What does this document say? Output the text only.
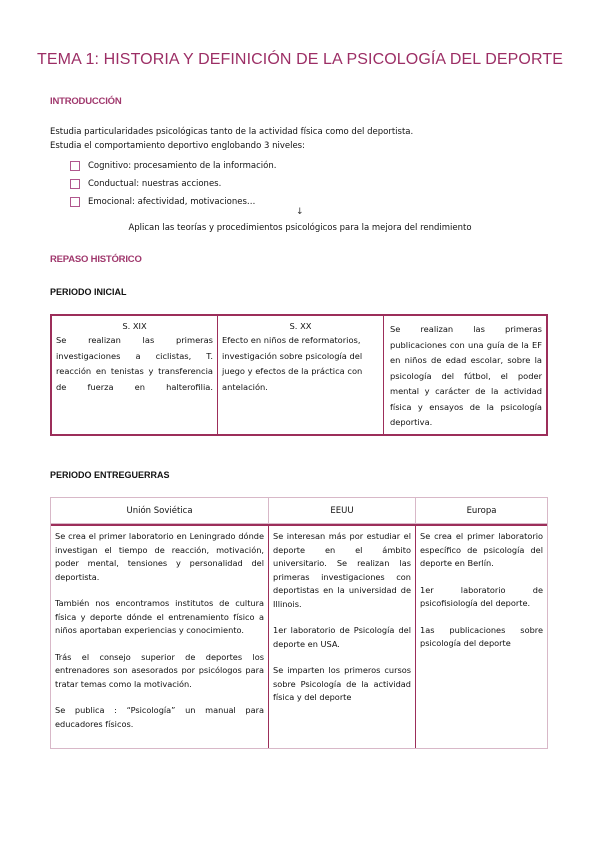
TEMA 1: HISTORIA Y DEFINICIÓN DE LA PSICOLOGÍA DEL DEPORTE
INTRODUCCIÓN
Estudia particularidades psicológicas tanto de la actividad física como del deportista.
Estudia el comportamiento deportivo englobando 3 niveles:
Cognitivo: procesamiento de la información.
Conductual: nuestras acciones.
Emocional: afectividad, motivaciones…
↓
Aplican las teorías y procedimientos psicológicos para la mejora del rendimiento
REPASO HISTÓRICO
PERIODO INICIAL
S. XIX
Se realizan las primeras investigaciones a ciclistas, T. reacción en tenistas y transferencia de fuerza en halterofilia.
S. XX
Efecto en niños de reformatorios, investigación sobre psicología del juego y efectos de la práctica con antelación.
Se realizan las primeras publicaciones con una guía de la EF en niños de edad escolar, sobre la psicología del fútbol, el poder mental y carácter de la actividad física y ensayos de la psicología deportiva.
PERIODO ENTREGUERRAS
Unión Soviética	EEUU	Europa

Se crea el primer laboratorio en Leningrado dónde investigan el tiempo de reacción, motivación, poder mental, tensiones y personalidad del deportista.

También nos encontramos institutos de cultura física y deporte dónde el entrenamiento físico a niños aportaban experiencias y conocimiento.

Trás el consejo superior de deportes los entrenadores son asesorados por psicólogos para tratar temas como la motivación.

Se publica : “Psicología” un manual para educadores físicos.

Se interesan más por estudiar el deporte en el ámbito universitario. Se realizan las primeras investigaciones con deportistas en la universidad de Illinois.

1er laboratorio de Psicología del deporte en USA.

Se imparten los primeros cursos sobre Psicología de la actividad física y del deporte

Se crea el primer laboratorio específico de psicología del deporte en Berlín.

1er laboratorio de psicofisiología del deporte.

1as publicaciones sobre psicología del deporte
